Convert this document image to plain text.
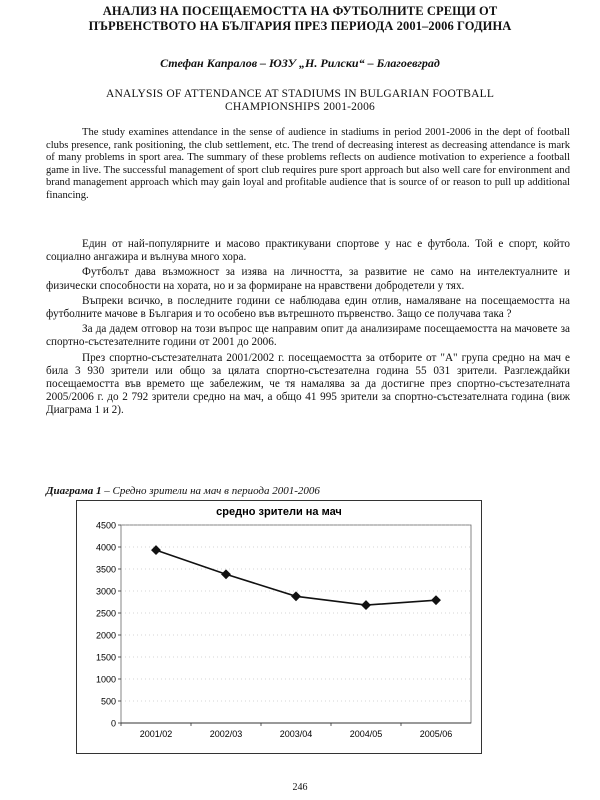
АНАЛИЗ НА ПОСЕЩАЕМОСТТА НА ФУТБОЛНИТЕ СРЕЩИ ОТ
ПЪРВЕНСТВОТО НА БЪЛГАРИЯ ПРЕЗ ПЕРИОДА 2001–2006 ГОДИНА
Стефан Капралов – ЮЗУ „Н. Рилски“ – Благоевград
ANALYSIS OF ATTENDANCE AT STADIUMS IN BULGARIAN FOOTBALL
CHAMPIONSHIPS 2001-2006

The study examines attendance in the sense of audience in stadiums in period 2001-2006 in the dept of football clubs presence, rank positioning, the club settlement, etc. The trend of decreasing interest as decreasing attendance is mark of many problems in sport area. The summary of these problems reflects on audience motivation to experience a football game in live. The successful management of sport club requires pure sport approach but also well care for environment and brand management approach which may gain loyal and profitable audience that is source of or reason to pull up additional financing.

Един от най-популярните и масово практикувани спортове у нас е футбола. Той е спорт, който социално ангажира и вълнува много хора.

Футболът дава възможност за изява на личността, за развитие не само на интелектуалните и физически способности на хората, но и за формиране на нравствени добродетели у тях.

Въпреки всичко, в последните години се наблюдава един отлив, намаляване на посещаемостта на футболните мачове в България и то особено във вътрешното първенство. Защо се получава така ?

За да дадем отговор на този въпрос ще направим опит да анализираме посещаемостта на мачовете за спортно-състезателните години от 2001 до 2006.

През спортно-състезателната 2001/2002 г. посещаемостта за отборите от "А" група средно на мач е била 3 930 зрители или общо за цялата спортно-състезателна година 55 031 зрители. Разглеждайки посещаемостта във времето ще забележим, че тя намалява за да достигне през спортно-състезателната 2005/2006 г. до 2 792 зрители средно на мач, а общо 41 995 зрители за спортно-състезателната година (виж Диаграма 1 и 2).

Диаграма 1 – Средно зрители на мач в периода 2001-2006
средно зрители на мач
0
500
1000
1500
2000
2500
3000
3500
4000
4500
2001/02	2002/03	2003/04	2004/05	2005/06
246
